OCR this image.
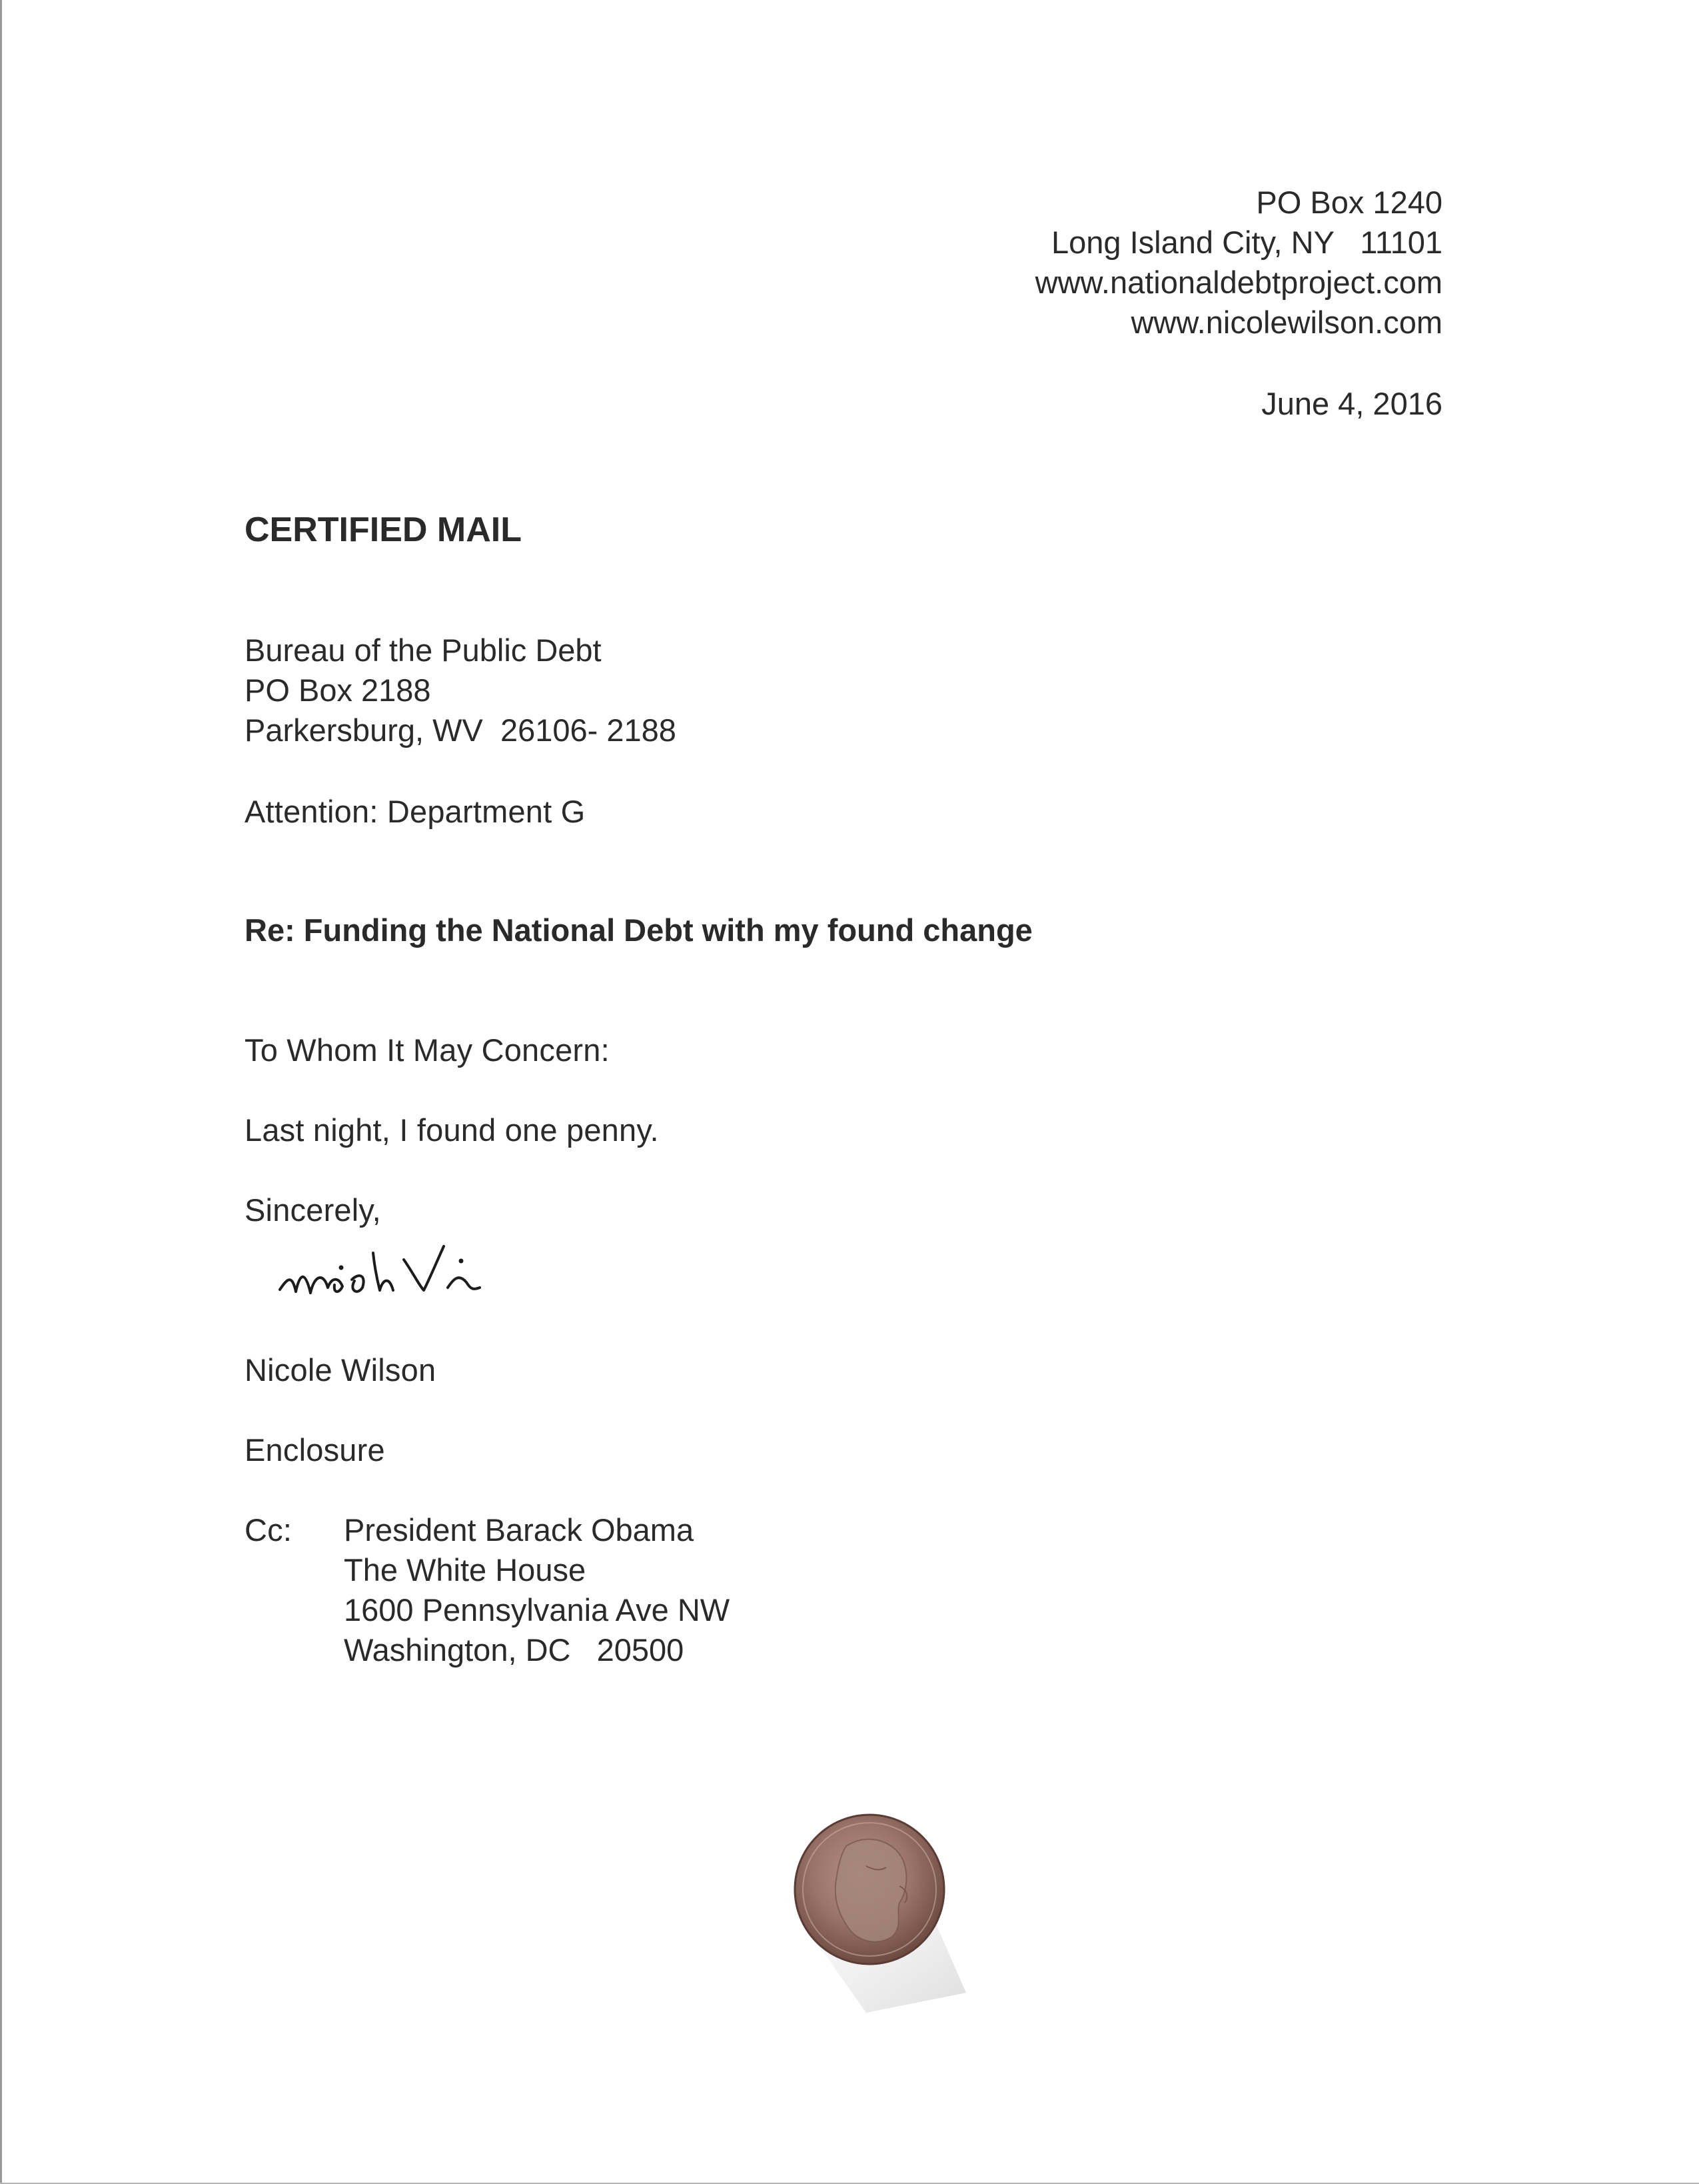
PO Box 1240
Long Island City, NY   11101
www.nationaldebtproject.com
www.nicolewilson.com
June 4, 2016
CERTIFIED MAIL
Bureau of the Public Debt
PO Box 2188
Parkersburg, WV  26106- 2188
Attention: Department G
Re: Funding the National Debt with my found change
To Whom It May Concern:
Last night, I found one penny.
Sincerely,
Nicole Wilson
Enclosure
Cc: President Barack Obama
The White House
1600 Pennsylvania Ave NW
Washington, DC   20500
